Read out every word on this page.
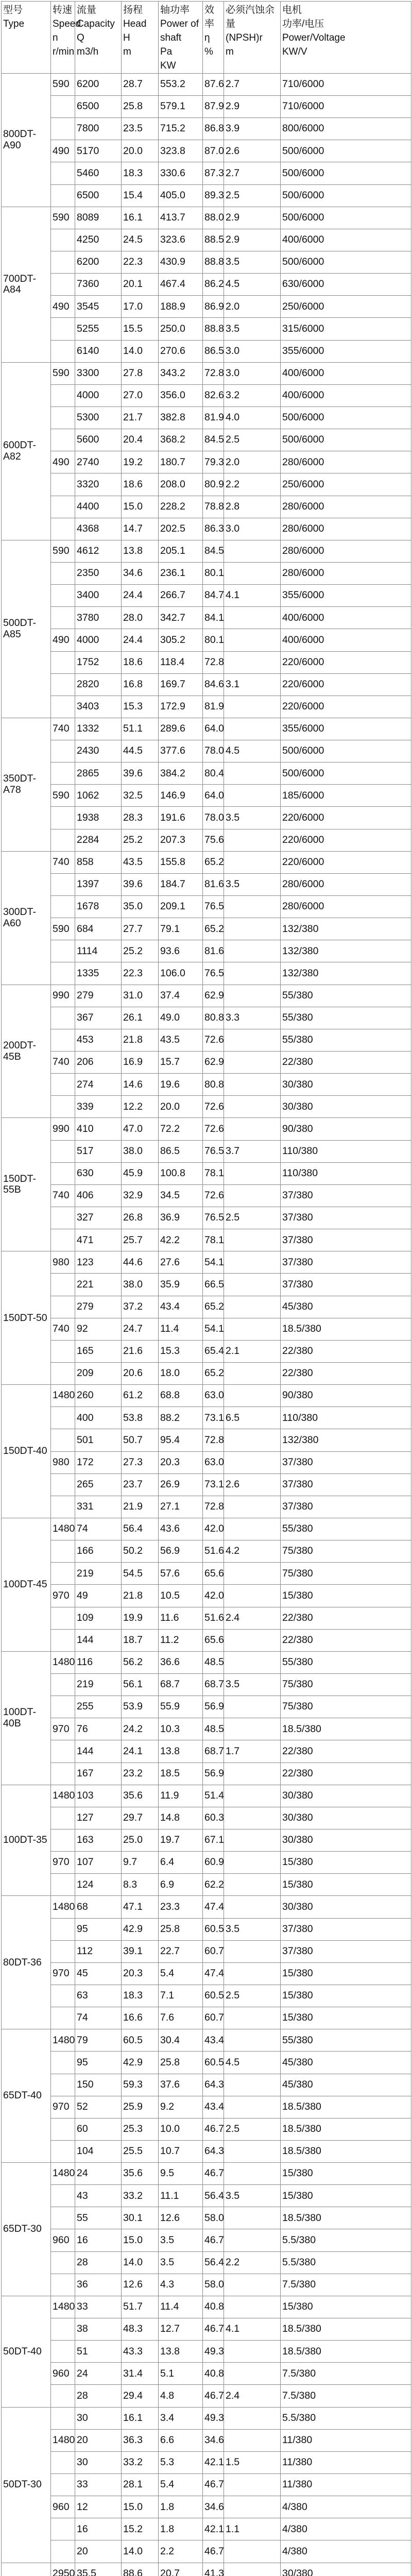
型号
Type	转速
Speed
n
r/min	流量
Capacity
Q
m3/h	扬程
Head
H
m	轴功率
Power of
shaft
Pa
KW	效率
η
%	必须汽蚀余量
(NPSH)r
m	电机
功率/电压
Power/Voltage
KW/V
800DT-A90	590	6200	28.7	553.2	87.6	2.7	710/6000
		6500	25.8	579.1	87.9	2.9	710/6000
		7800	23.5	715.2	86.8	3.9	800/6000
	490	5170	20.0	323.8	87.0	2.6	500/6000
		5460	18.3	330.6	87.3	2.7	500/6000
		6500	15.4	405.0	89.3	2.5	500/6000
700DT-A84	590	8089	16.1	413.7	88.0	2.9	500/6000
		4250	24.5	323.6	88.5	2.9	400/6000
		6200	22.3	430.9	88.8	3.5	500/6000
		7360	20.1	467.4	86.2	4.5	630/6000
	490	3545	17.0	188.9	86.9	2.0	250/6000
		5255	15.5	250.0	88.8	3.5	315/6000
		6140	14.0	270.6	86.5	3.0	355/6000
600DT-A82	590	3300	27.8	343.2	72.8	3.0	400/6000
		4000	27.0	356.0	82.6	3.2	400/6000
		5300	21.7	382.8	81.9	4.0	500/6000
		5600	20.4	368.2	84.5	2.5	500/6000
	490	2740	19.2	180.7	79.3	2.0	280/6000
		3320	18.6	208.0	80.9	2.2	250/6000
		4400	15.0	228.2	78.8	2.8	280/6000
		4368	14.7	202.5	86.3	3.0	280/6000
500DT-A85	590	4612	13.8	205.1	84.5		280/6000
		2350	34.6	236.1	80.1		280/6000
		3400	24.4	266.7	84.7	4.1	355/6000
		3780	28.0	342.7	84.1		400/6000
	490	4000	24.4	305.2	80.1		400/6000
		1752	18.6	118.4	72.8		220/6000
		2820	16.8	169.7	84.6	3.1	220/6000
		3403	15.3	172.9	81.9		220/6000
350DT-A78	740	1332	51.1	289.6	64.0		355/6000
		2430	44.5	377.6	78.0	4.5	500/6000
		2865	39.6	384.2	80.4		500/6000
	590	1062	32.5	146.9	64.0		185/6000
		1938	28.3	191.6	78.0	3.5	220/6000
		2284	25.2	207.3	75.6		220/6000
300DT-A60	740	858	43.5	155.8	65.2		220/6000
		1397	39.6	184.7	81.6	3.5	280/6000
		1678	35.0	209.1	76.5		280/6000
	590	684	27.7	79.1	65.2		132/380
		1114	25.2	93.6	81.6		132/380
		1335	22.3	106.0	76.5		132/380
200DT-45B	990	279	31.0	37.4	62.9		55/380
		367	26.1	49.0	80.8	3.3	55/380
		453	21.8	43.5	72.6		55/380
	740	206	16.9	15.7	62.9		22/380
		274	14.6	19.6	80.8		30/380
		339	12.2	20.0	72.6		30/380
150DT-55B	990	410	47.0	72.2	72.6		90/380
		517	38.0	86.5	76.5	3.7	110/380
		630	45.9	100.8	78.1		110/380
	740	406	32.9	34.5	72.6		37/380
		327	26.8	36.9	76.5	2.5	37/380
		471	25.7	42.2	78.1		37/380
150DT-50	980	123	44.6	27.6	54.1		37/380
		221	38.0	35.9	66.5		37/380
		279	37.2	43.4	65.2		45/380
	740	92	24.7	11.4	54.1		18.5/380
		165	21.6	15.3	65.4	2.1	22/380
		209	20.6	18.0	65.2		22/380
150DT-40	1480	260	61.2	68.8	63.0		90/380
		400	53.8	88.2	73.1	6.5	110/380
		501	50.7	95.4	72.8		132/380
	980	172	27.3	20.3	63.0		37/380
		265	23.7	26.9	73.1	2.6	37/380
		331	21.9	27.1	72.8		37/380
100DT-45	1480	74	56.4	43.6	42.0		55/380
		166	50.2	56.9	51.6	4.2	75/380
		219	54.5	57.6	65.6		75/380
	970	49	21.8	10.5	42.0		15/380
		109	19.9	11.6	51.6	2.4	22/380
		144	18.7	11.2	65.6		22/380
100DT-40B	1480	116	56.2	36.6	48.5		55/380
		219	56.1	68.7	68.7	3.5	75/380
		255	53.9	55.9	56.9		75/380
	970	76	24.2	10.3	48.5		18.5/380
		144	24.1	13.8	68.7	1.7	22/380
		167	23.2	18.5	56.9		22/380
100DT-35	1480	103	35.6	11.9	51.4		30/380
		127	29.7	14.8	60.3		30/380
		163	25.0	19.7	67.1		30/380
	970	107	9.7	6.4	60.9		15/380
		124	8.3	6.9	62.2		15/380
80DT-36	1480	68	47.1	23.3	47.4		30/380
		95	42.9	25.8	60.5	3.5	37/380
		112	39.1	22.7	60.7		37/380
	970	45	20.3	5.4	47.4		15/380
		63	18.3	7.1	60.5	2.5	15/380
		74	16.6	7.6	60.7		15/380
65DT-40	1480	79	60.5	30.4	43.4		55/380
		95	42.9	25.8	60.5	4.5	45/380
		150	59.3	37.6	64.3		45/380
	970	52	25.9	9.2	43.4		18.5/380
		60	25.3	10.0	46.7	2.5	18.5/380
		104	25.5	10.7	64.3		18.5/380
65DT-30	1480	24	35.6	9.5	46.7		15/380
		43	33.2	11.1	56.4	3.5	15/380
		55	30.1	12.6	58.0		18.5/380
	960	16	15.0	3.5	46.7		5.5/380
		28	14.0	3.5	56.4	2.2	5.5/380
		36	12.6	4.3	58.0		7.5/380
50DT-40	1480	33	51.7	11.4	40.8		15/380
		38	48.3	12.7	46.7	4.1	18.5/380
		51	43.3	13.8	49.3		18.5/380
	960	24	31.4	5.1	40.8		7.5/380
		28	29.4	4.8	46.7	2.4	7.5/380
50DT-30		30	16.1	3.4	49.3		5.5/380
	1480	20	36.3	6.6	34.6		11/380
		30	33.2	5.3	42.1	1.5	11/380
		33	28.1	5.4	46.7		11/380
	960	12	15.0	1.8	34.6		4/380
		16	15.2	1.8	42.1	1.1	4/380
		20	14.0	2.2	46.7		4/380
	2950	35.5	88.6	20.7	41.3		30/380
